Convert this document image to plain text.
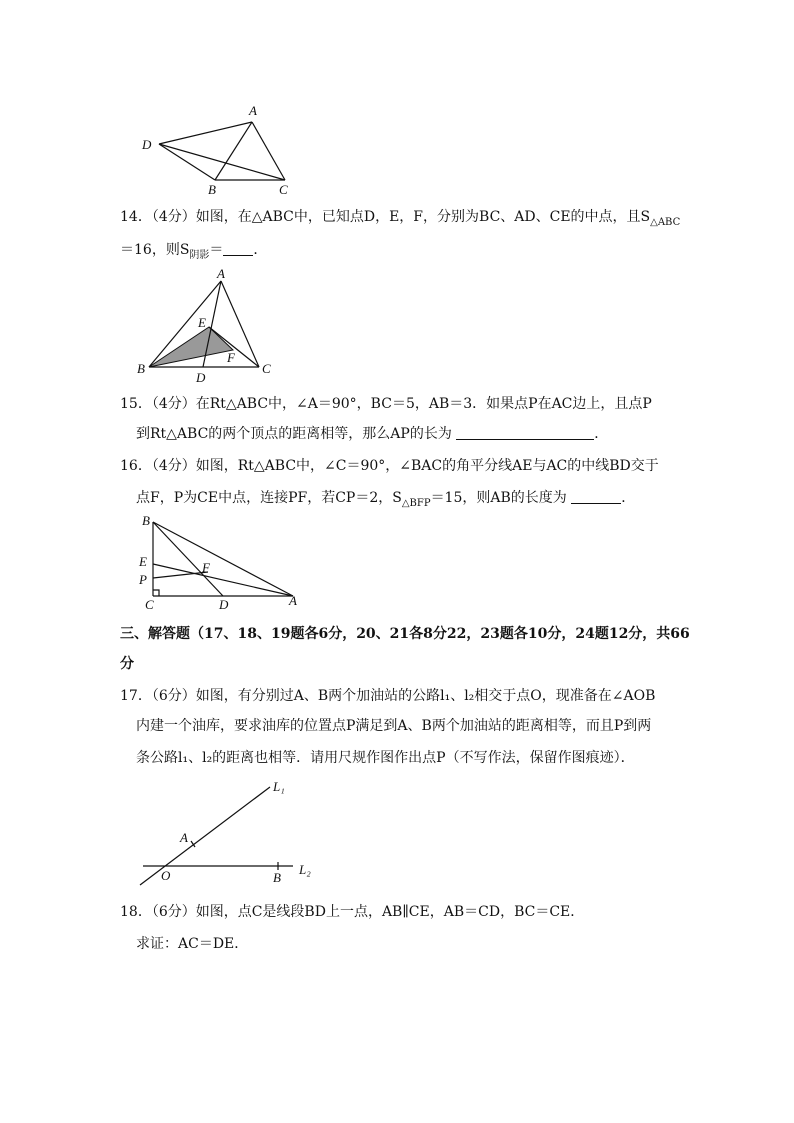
A
D
B	C
14．（4分）如图，在△ABC中，已知点D，E，F，分别为BC、AD、CE的中点，且$S_{\triangle ABC}$
＝16，则$S_{阴影}=$ ．
A
E
B
D
F
C
15．（4分）在Rt△ABC中，∠A＝90°，BC＝5，AB＝3．如果点P在AC边上，且点P
到Rt△ABC的两个顶点的距离相等，那么AP的长为	．
16．（4分）如图，Rt△ABC中，∠C＝90°，∠BAC的角平分线AE与AC的中线BD交于
点F，P为CE中点，连接PF，若CP＝2，$S_{\triangle BFP}=15$，则AB的长度为	．
B
E
P
F
C	D	A
三、解答题（17、18、19题各6分，20、21各8分22，23题各10分，24题12分，共66
分
17．（6分）如图，有分别过A、B两个加油站的公路l₁、l₂相交于点O，现准备在∠AOB
内建一个油库，要求油库的位置点P满足到A、B两个加油站的距离相等，而且P到两
条公路l₁、l₂的距离也相等．请用尺规作图作出点P（不写作法，保留作图痕迹）．
L₁
A
O	B
L₂
18．（6分）如图，点C是线段BD上一点，AB∥CE，AB＝CD，BC＝CE．
求证：AC＝DE．
